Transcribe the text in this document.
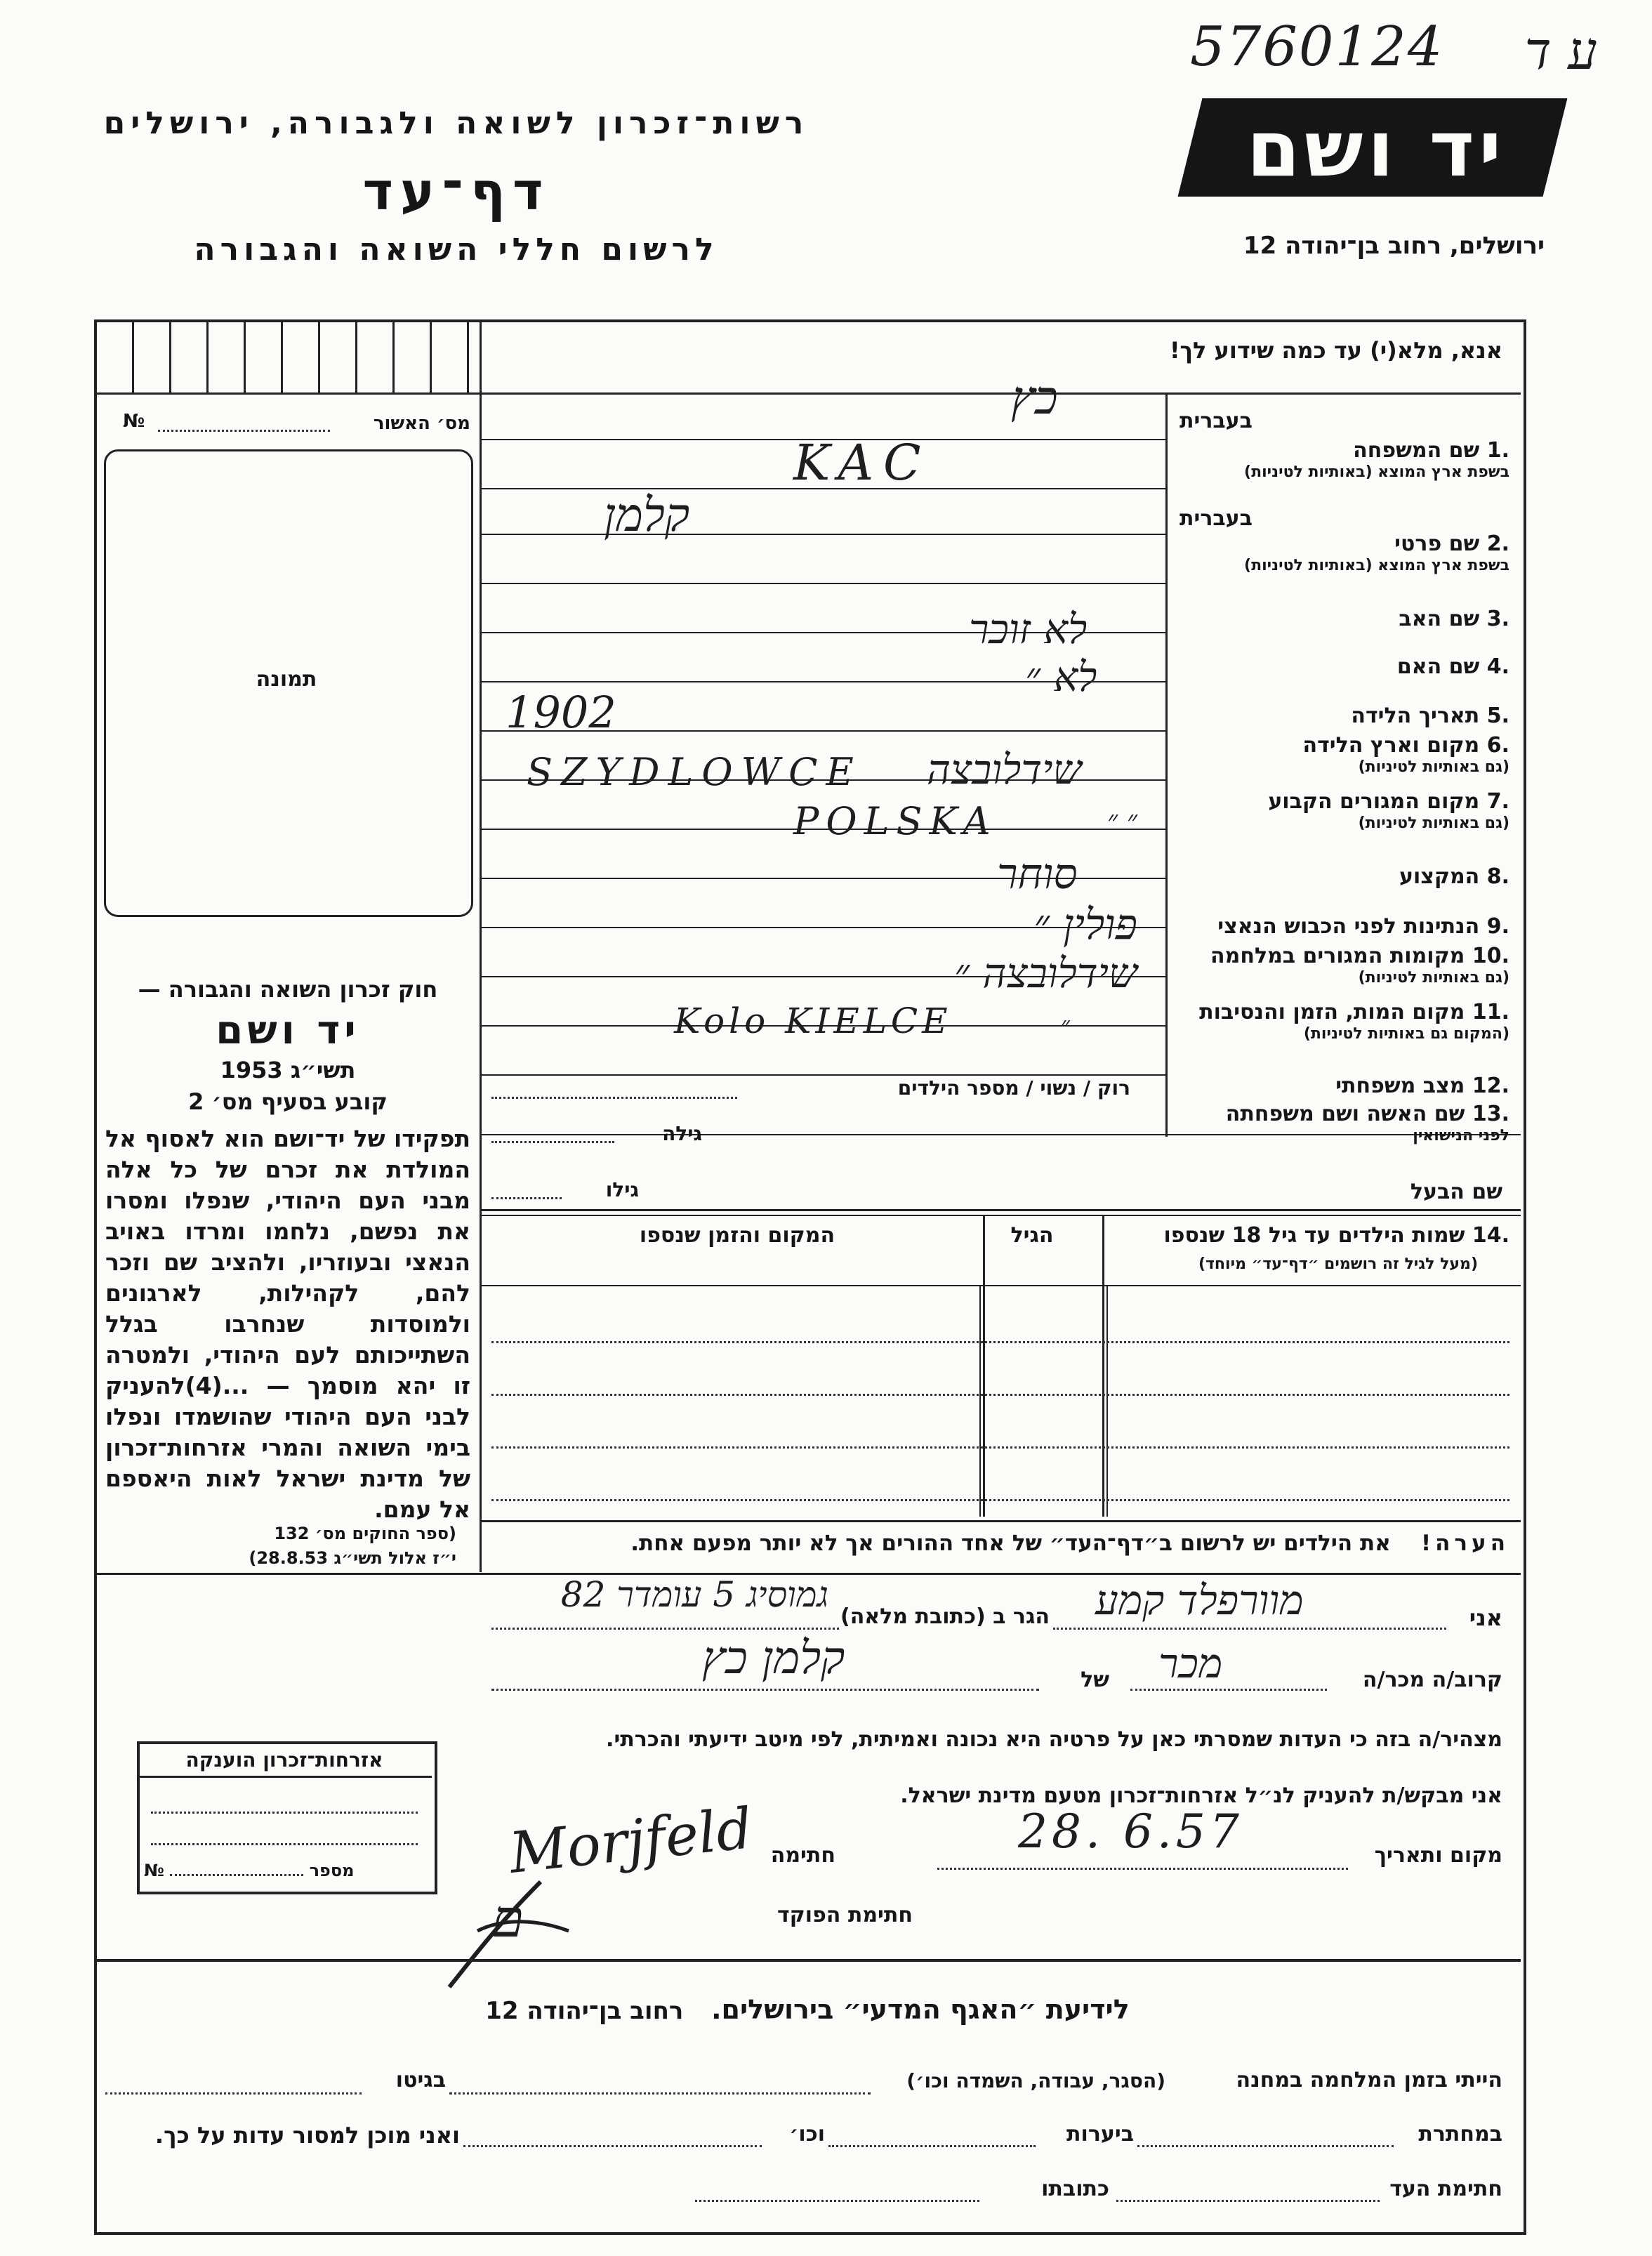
5760124	ע ד
רשות־זכרון לשואה ולגבורה, ירושלים
דף־עד
לרשום חללי השואה והגבורה
יד ושם
ירושלים, רחוב בן־יהודה 12
מס׳ האשור
№
תמונה
חוק זכרון השואה והגבורה —
יד ושם
תשי״ג 1953
קובע בסעיף מס׳ 2
תפקידו של יד־ושם הוא לאסוף אל המולדת את זכרם של כל אלה מבני העם היהודי, שנפלו ומסרו את נפשם, נלחמו ומרדו באויב הנאצי ובעוזריו, ולהציב שם וזכר להם, לקהילות, לארגונים ולמוסדות שנחרבו בגלל השתייכותם לעם היהודי, ולמטרה זו יהא מוסמך — ...(4)להעניק לבני העם היהודי שהושמדו ונפלו בימי השואה והמרי אזרחות־זכרון של מדינת ישראל לאות היאספם אל עמם.
(ספר החוקים מס׳ 132
י״ז אלול תשי״ג 28.8.53)
אנא, מלא(י) עד כמה שידוע לך!
בעברית
.1 שם המשפחה
בשפת ארץ המוצא (באותיות לטיניות)
בעברית
.2 שם פרטי
בשפת ארץ המוצא (באותיות לטיניות)
.3 שם האב
.4 שם האם
.5 תאריך הלידה
.6 מקום וארץ הלידה
(גם באותיות לטיניות)
.7 מקום המגורים הקבוע
(גם באותיות לטיניות)
.8 המקצוע
.9 הנתינות לפני הכבוש הנאצי
.10 מקומות המגורים במלחמה
(גם באותיות לטיניות)
.11 מקום המות, הזמן והנסיבות
(המקום גם באותיות לטיניות)
.12 מצב משפחתי
.13 שם האשה ושם משפחתה
לפני הנישואין
כץ
KAC
קלמן
לא זוכר
לא ״
1902
SZYDLOWCE שידלובצה
״ ״
POLSKA
סוחר
פולין ״
שידלובצה ״
Kolo KIELCE	״
רוק / נשוי / מספר הילדים
גילה
שם הבעל
גילו
.14 שמות הילדים עד גיל 18 שנספו
(מעל לגיל זה רושמים ״דף־עד״ מיוחד)
הגיל
המקום והזמן שנספו
הערה!    את הילדים יש לרשום ב״דף־העד״ של אחד ההורים אך לא יותר מפעם אחת.
אני
מוורפלד קמע
הגר ב (כתובת מלאה)
גמוסיג 5 עומדר 82
קרוב/ה מכר/ה
מכר
של
קלמן כץ
מצהיר/ה בזה כי העדות שמסרתי כאן על פרטיה היא נכונה ואמיתית, לפי מיטב ידיעתי והכרתי.
אני מבקש/ת להעניק לנ״ל אזרחות־זכרון מטעם מדינת ישראל.
מקום ותאריך
28. 6.57
חתימה
Morjfeld
חתימת הפוקד
ם
אזרחות־זכרון הוענקה
מספר  №
לידיעת ״האגף המדעי״ בירושלים.   רחוב בן־יהודה 12
הייתי בזמן המלחמה במחנה
(הסגר, עבודה, השמדה וכו׳)
בגיטו
במחתרת
ביערות
וכו׳
ואני מוכן למסור עדות על כך.
חתימת העד
כתובתו
